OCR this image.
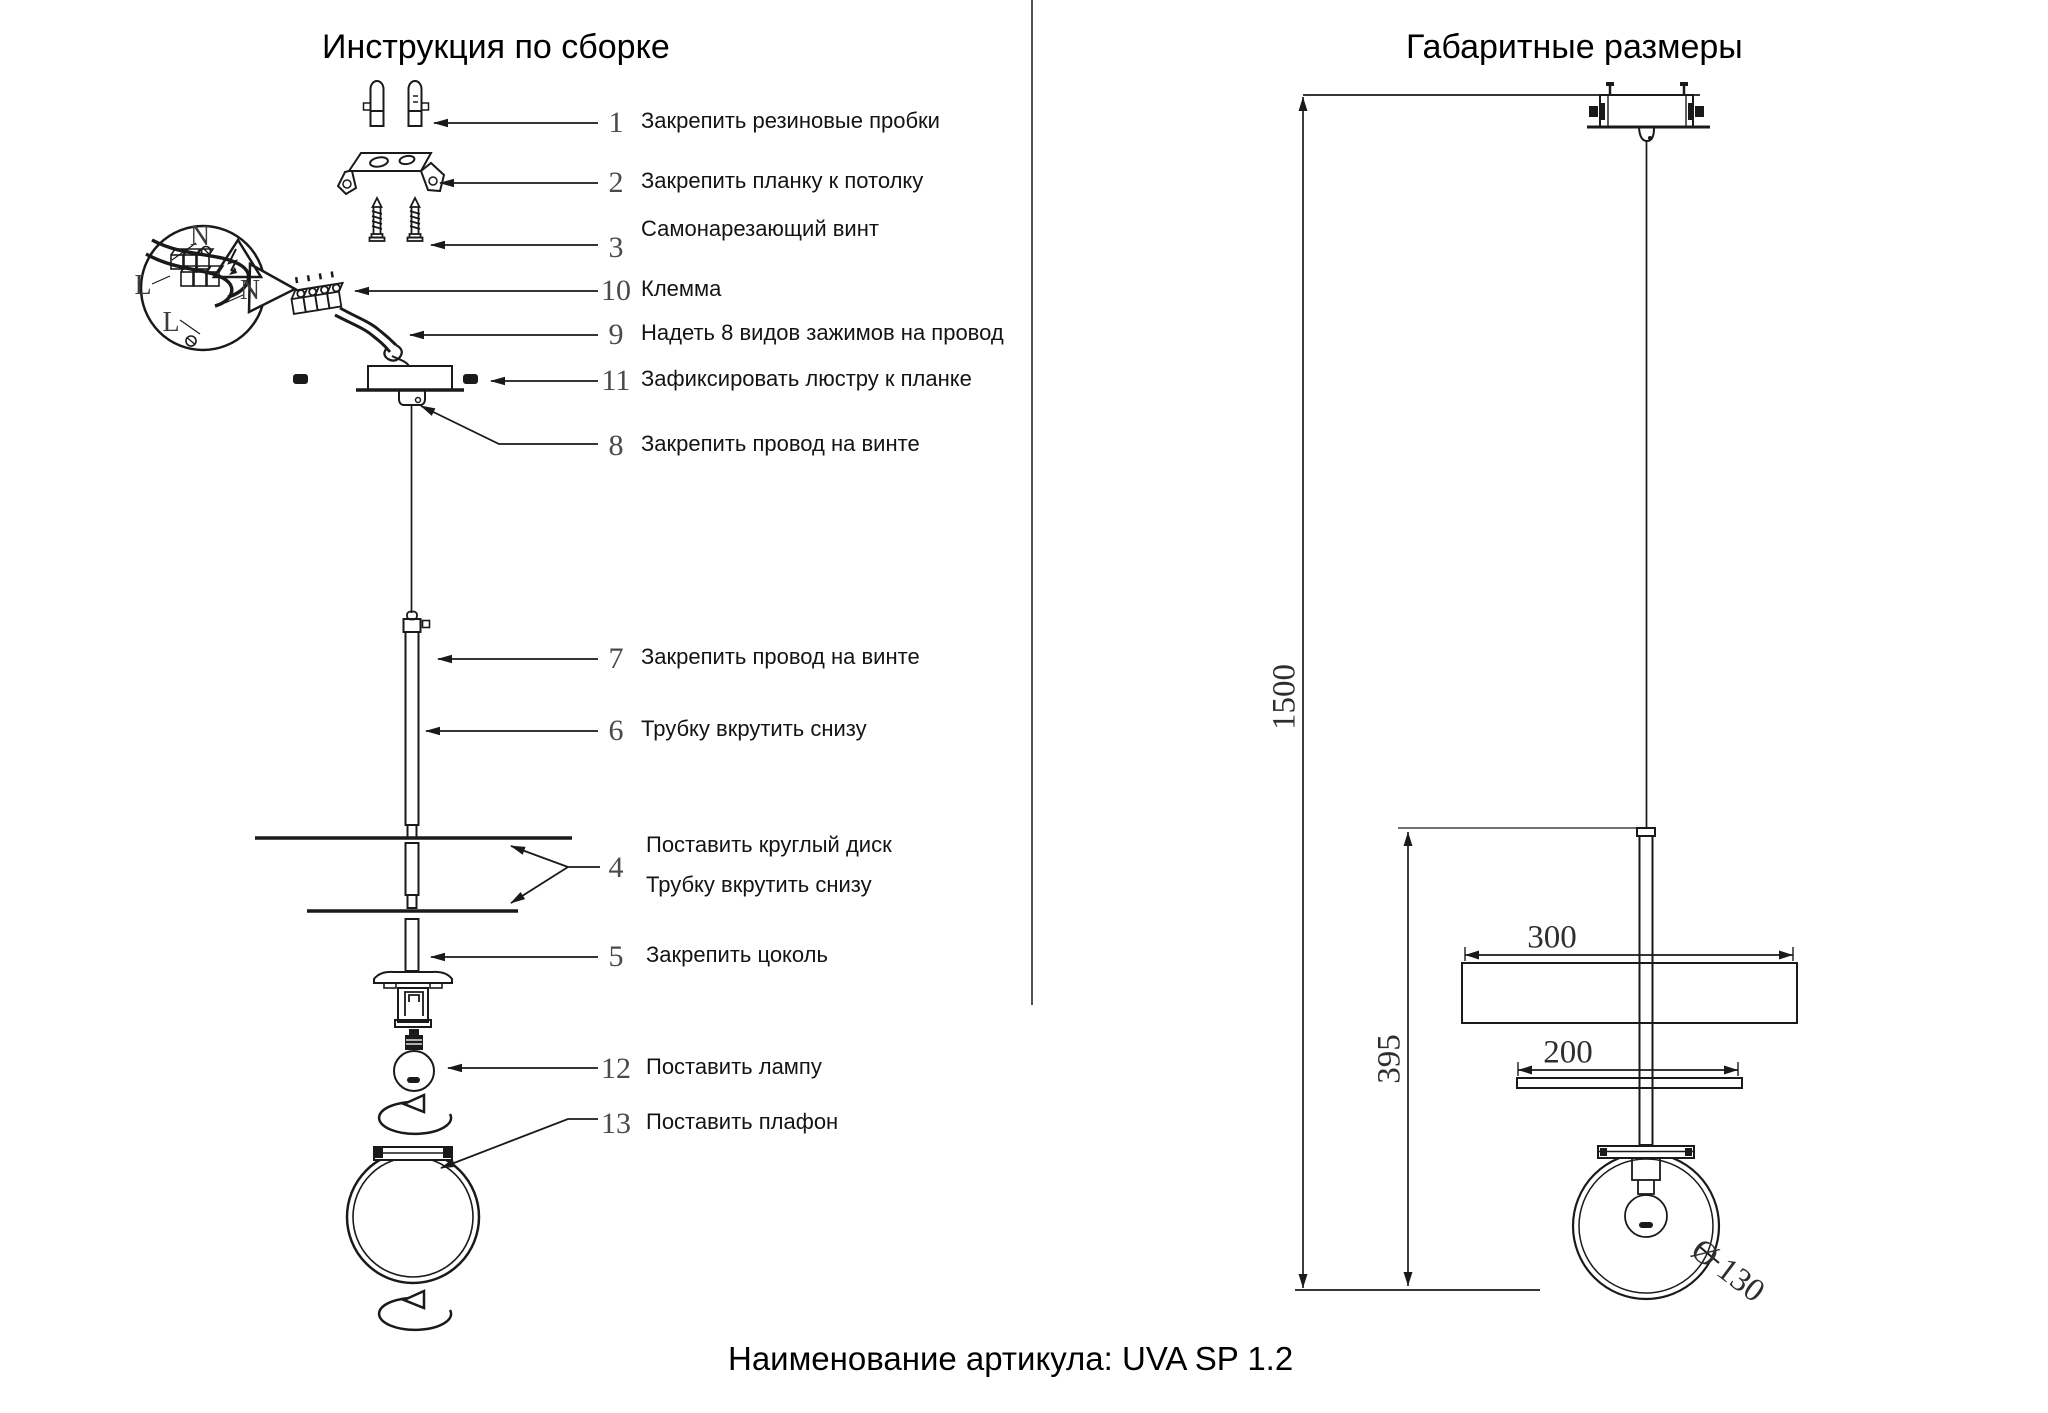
Инструкция по сборке	Габаритные размеры
1 Закрепить резиновые пробки
2 Закрепить планку к потолку
3
Самонарезающий винт
10 Клемма
9 Надеть 8 видов зажимов на провод
11 Зафиксировать люстру к планке
8 Закрепить провод на винте
7 Закрепить провод на винте
6 Трубку вкрутить снизу
4
Поставить круглый диск
Трубку вкрутить снизу
5	Закрепить цоколь
12 Поставить лампу
13 Поставить плафон
N
L	N
L
1500
395
300
200
Ø 130
Наименование артикула: UVA SP 1.2
